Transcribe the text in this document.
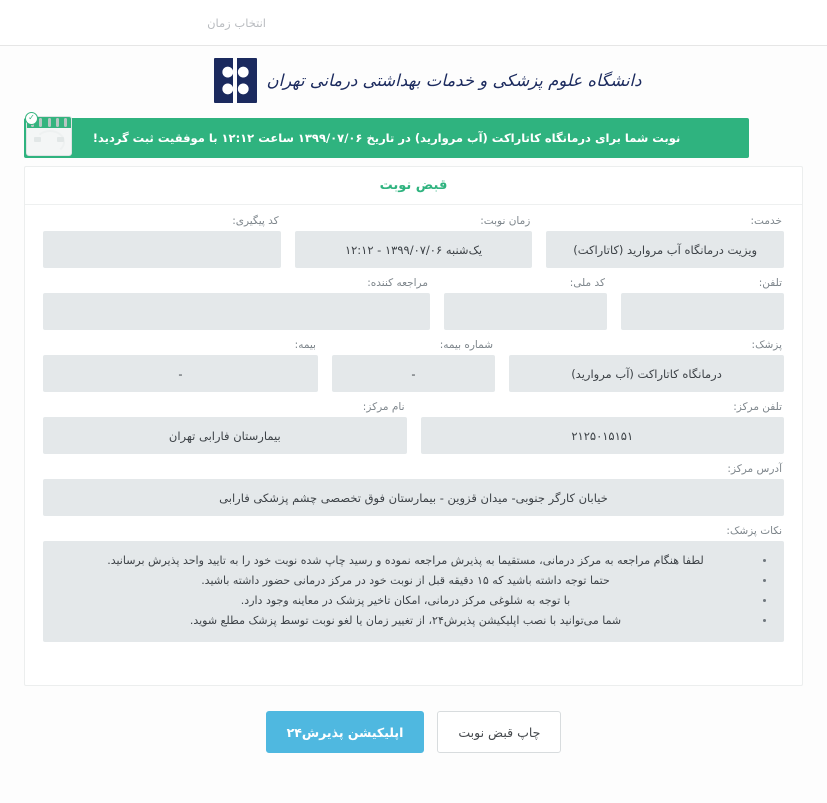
انتخاب زمان
دانشگاه علوم پزشکی و خدمات بهداشتی درمانی تهران
نوبت شما برای درمانگاه کاتاراکت (آب مروارید) در تاریخ ۱۳۹۹/۰۷/۰۶ ساعت ۱۲:۱۲ با موفقیت ثبت گردید!
✓
قبض نوبت
خدمت:
ویزیت درمانگاه آب مروارید (کاتاراکت)
زمان نوبت:
یک‌شنبه ۱۳۹۹/۰۷/۰۶ - ۱۲:۱۲
کد پیگیری:
تلفن:
کد ملی:
مراجعه کننده:
پزشک:
درمانگاه کاتاراکت (آب مروارید)
شماره بیمه:
-
بیمه:
-
تلفن مرکز:
۲۱۲۵۰۱۵۱۵۱
نام مرکز:
بیمارستان فارابی تهران
آدرس مرکز:
خیابان کارگر جنوبی- میدان قزوین - بیمارستان فوق تخصصی چشم پزشکی فارابی
نکات پزشک:
لطفا هنگام مراجعه به مرکز درمانی، مستقیما به پذیرش مراجعه نموده و رسید چاپ شده نوبت خود را به تایید واحد پذیرش برسانید.
حتما توجه داشته باشید که ۱۵ دقیقه قبل از نوبت خود در مرکز درمانی حضور داشته باشید.
با توجه به شلوغی مرکز درمانی، امکان تاخیر پزشک در معاینه وجود دارد.
شما می‌توانید با نصب اپلیکیشن پذیرش۲۴، از تغییر زمان یا لغو نوبت توسط پزشک مطلع شوید.
چاپ قبض نوبت
اپلیکیشن پذیرش۲۴
